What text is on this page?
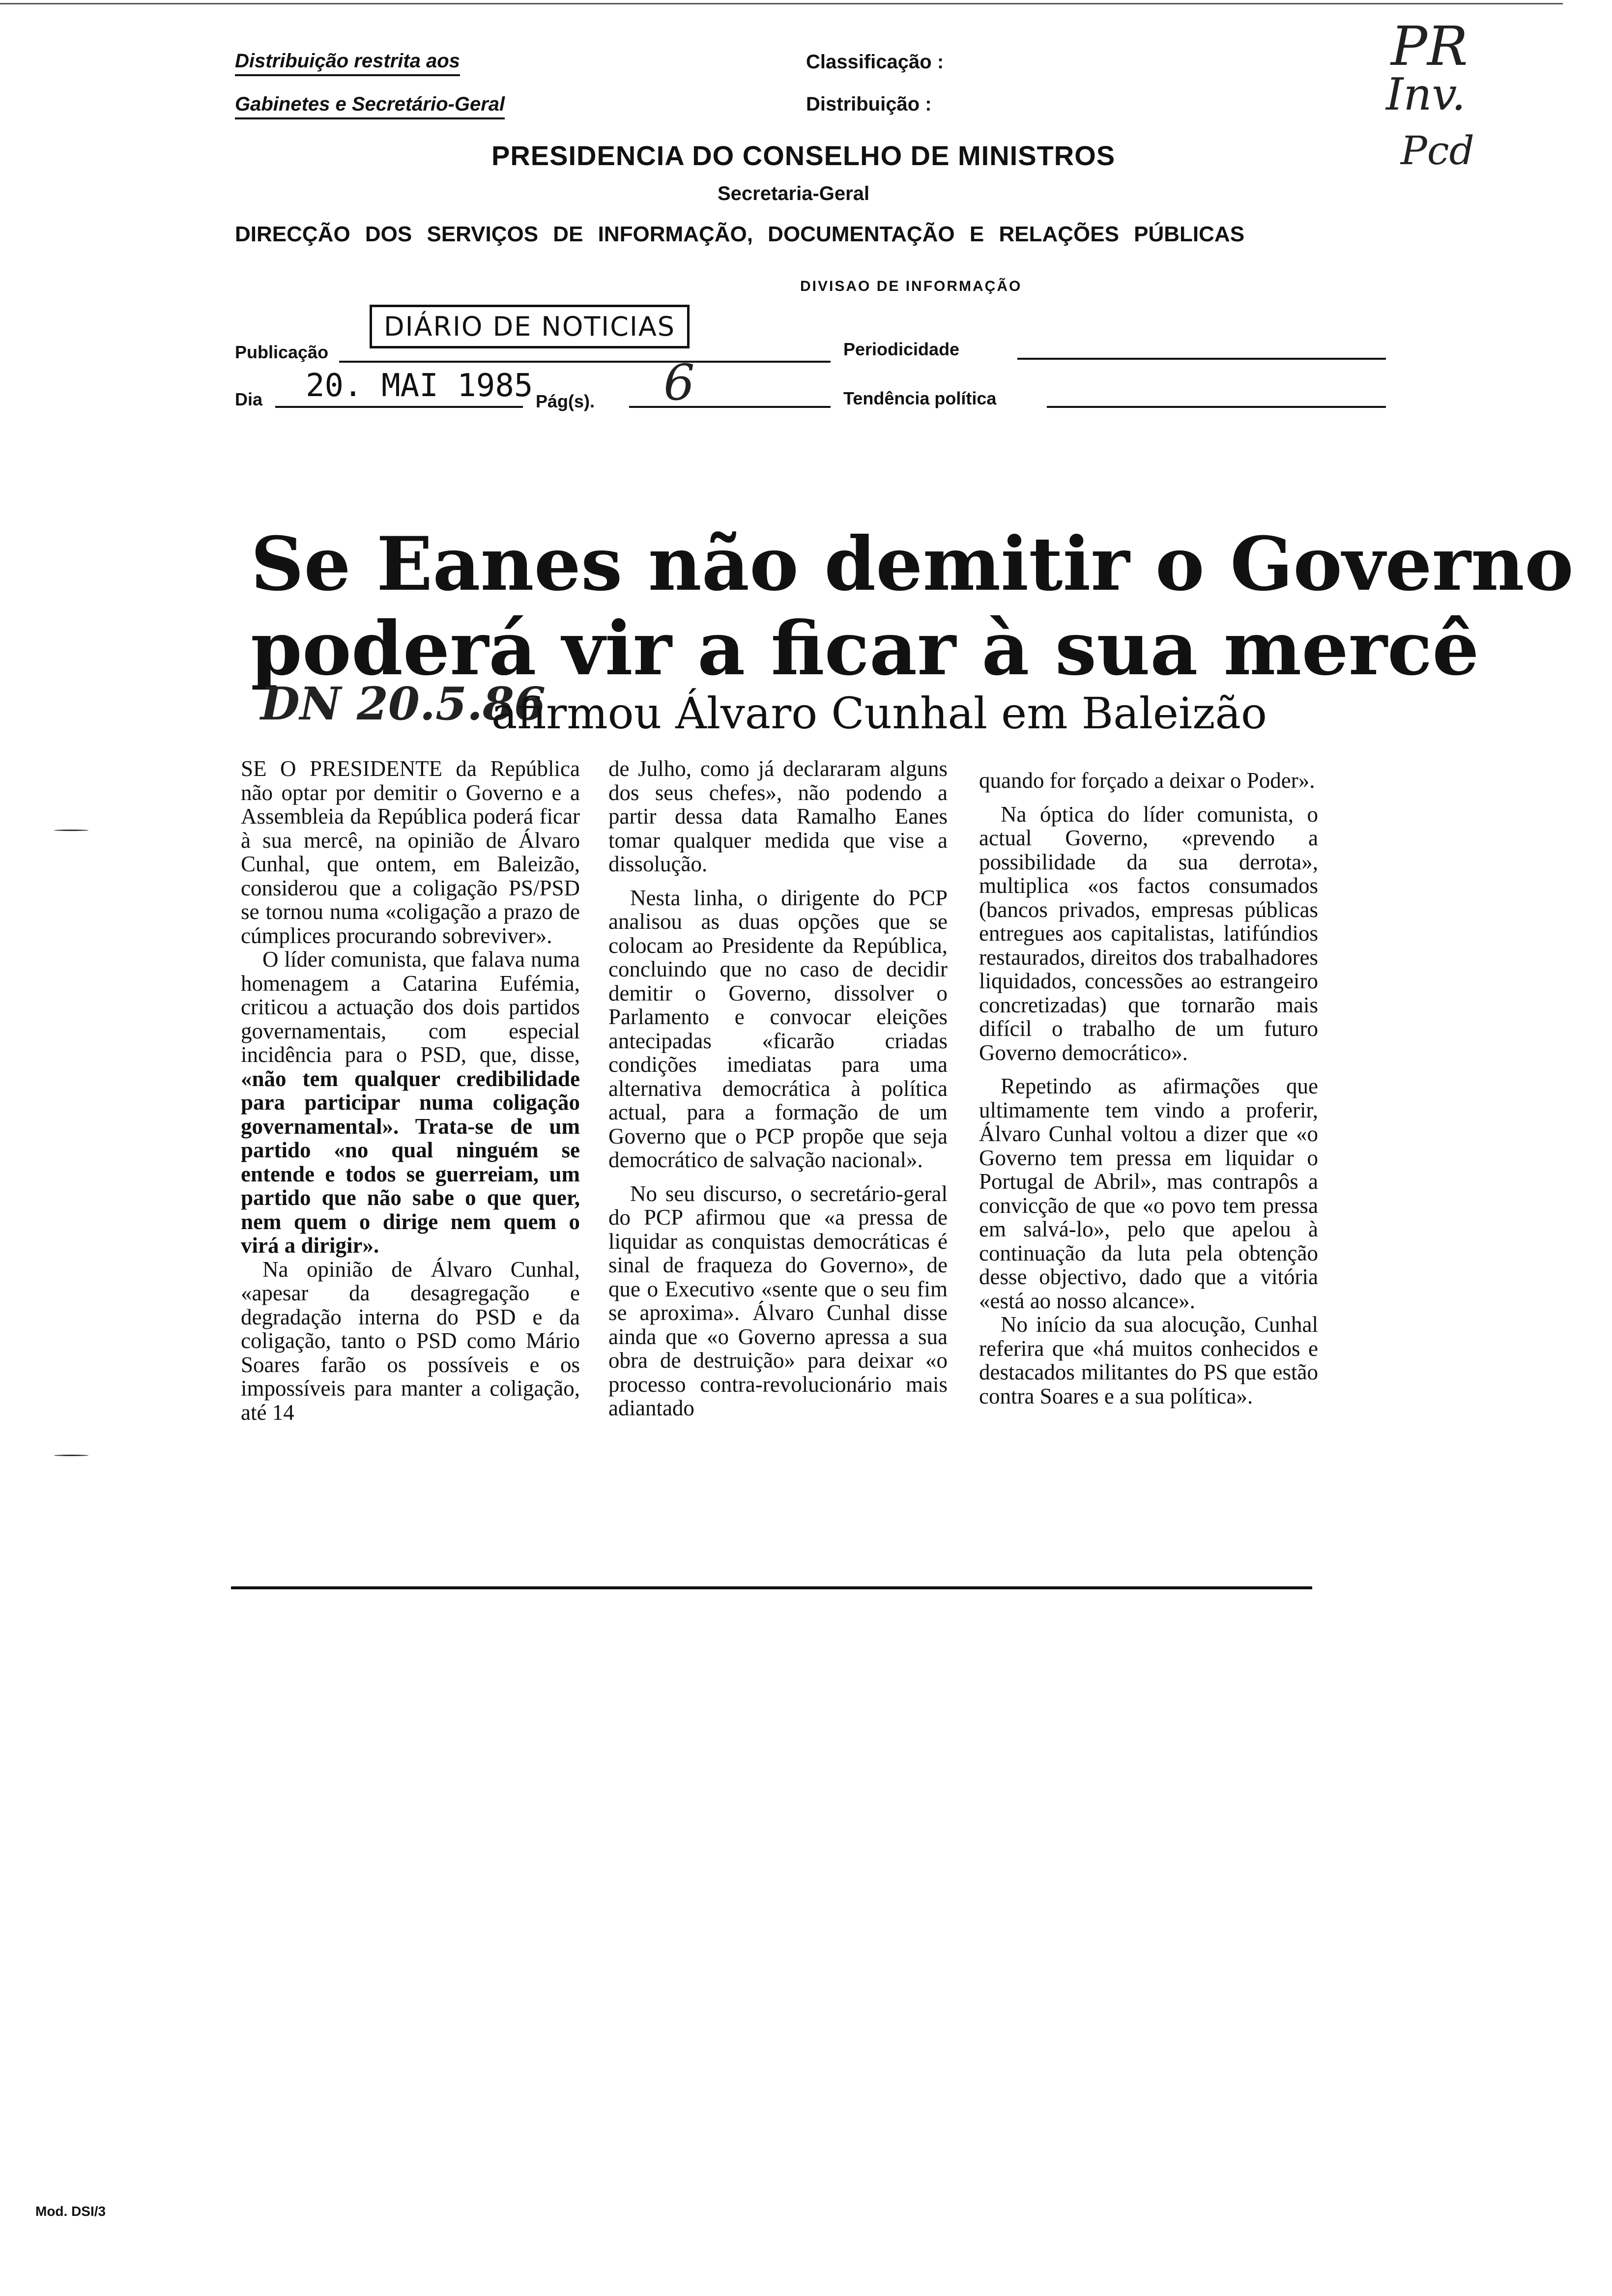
Distribuição restrita aos
Gabinetes e Secretário-Geral
Classificação :
Distribuição :
PR
Inv.
Pcd
PRESIDENCIA DO CONSELHO DE MINISTROS
Secretaria-Geral
DIRECÇÃO DOS SERVIÇOS DE INFORMAÇÃO, DOCUMENTAÇÃO E RELAÇÕES PÚBLICAS
DIVISAO DE INFORMAÇÃO
Publicação
DIÁRIO DE NOTICIAS
Periodicidade
Dia 20. MAI 1985 Pág(s). 6	Tendência política
Se Eanes não demitir o Governo
poderá vir a ficar à sua mercê
DN 20.5.86
afirmou Álvaro Cunhal em Baleizão

SE O PRESIDENTE da República não optar por demitir o Governo e a Assembleia da República poderá ficar à sua mercê, na opinião de Álvaro Cunhal, que ontem, em Baleizão, considerou que a coligação PS/PSD se tornou numa «coligação a prazo de cúmplices procurando sobreviver».

O líder comunista, que falava numa homenagem a Catarina Eufémia, criticou a actuação dos dois partidos governamentais, com especial incidência para o PSD, que, disse, «não tem qualquer credibilidade para participar numa coligação governamental». Trata-se de um partido «no qual ninguém se entende e todos se guerreiam, um partido que não sabe o que quer, nem quem o dirige nem quem o virá a dirigir».

Na opinião de Álvaro Cunhal, «apesar da desagregação e degradação interna do PSD e da coligação, tanto o PSD como Mário Soares farão os possíveis e os impossíveis para manter a coligação, até 14

de Julho, como já declararam alguns dos seus chefes», não podendo a partir dessa data Ramalho Eanes tomar qualquer medida que vise a dissolução.

Nesta linha, o dirigente do PCP analisou as duas opções que se colocam ao Presidente da República, concluindo que no caso de decidir demitir o Governo, dissolver o Parlamento e convocar eleições antecipadas «ficarão criadas condições imediatas para uma alternativa democrática à política actual, para a formação de um Governo que o PCP propõe que seja democrático de salvação nacional».

No seu discurso, o secretário-geral do PCP afirmou que «a pressa de liquidar as conquistas democráticas é sinal de fraqueza do Governo», de que o Executivo «sente que o seu fim se aproxima». Álvaro Cunhal disse ainda que «o Governo apressa a sua obra de destruição» para deixar «o processo contra-revolucionário mais adiantado

quando for forçado a deixar o Poder».

Na óptica do líder comunista, o actual Governo, «prevendo a possibilidade da sua derrota», multiplica «os factos consumados (bancos privados, empresas públicas entregues aos capitalistas, latifúndios restaurados, direitos dos trabalhadores liquidados, concessões ao estrangeiro concretizadas) que tornarão mais difícil o trabalho de um futuro Governo democrático».

Repetindo as afirmações que ultimamente tem vindo a proferir, Álvaro Cunhal voltou a dizer que «o Governo tem pressa em liquidar o Portugal de Abril», mas contrapôs a convicção de que «o povo tem pressa em salvá-lo», pelo que apelou à continuação da luta pela obtenção desse objectivo, dado que a vitória «está ao nosso alcance».

No início da sua alocução, Cunhal referira que «há muitos conhecidos e destacados militantes do PS que estão contra Soares e a sua política».

Mod. DSI/3
